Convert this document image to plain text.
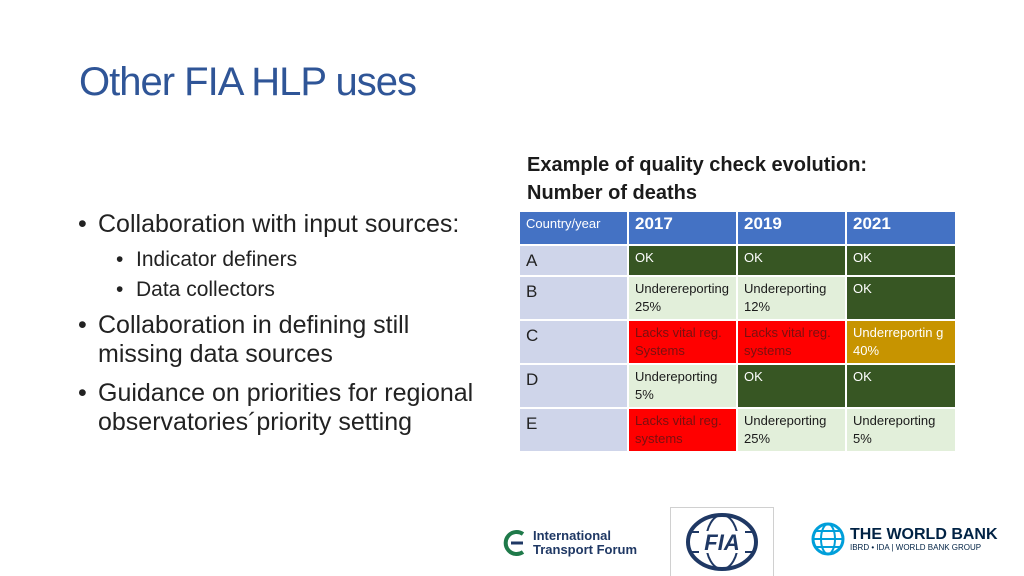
Other FIA HLP uses
• Collaboration with input sources:
• Indicator definers
• Data collectors
• Collaboration in defining still missing data sources
• Guidance on priorities for regional observatories´priority setting
Example of quality check evolution:
Number of deaths
Country/year	2017	2019	2021
A	OK	OK	OK
B	Underereporting 25%	Undereporting 12%	OK
C	Lacks vital reg. Systems	Lacks vital reg. systems	Underreportin g 40%
D	Undereporting 5%	OK	OK
E	Lacks vital reg. systems	Undereporting 25%	Undereporting 5%
International
Transport Forum	FIA	THE WORLD BANK
IBRD • IDA | WORLD BANK GROUP
